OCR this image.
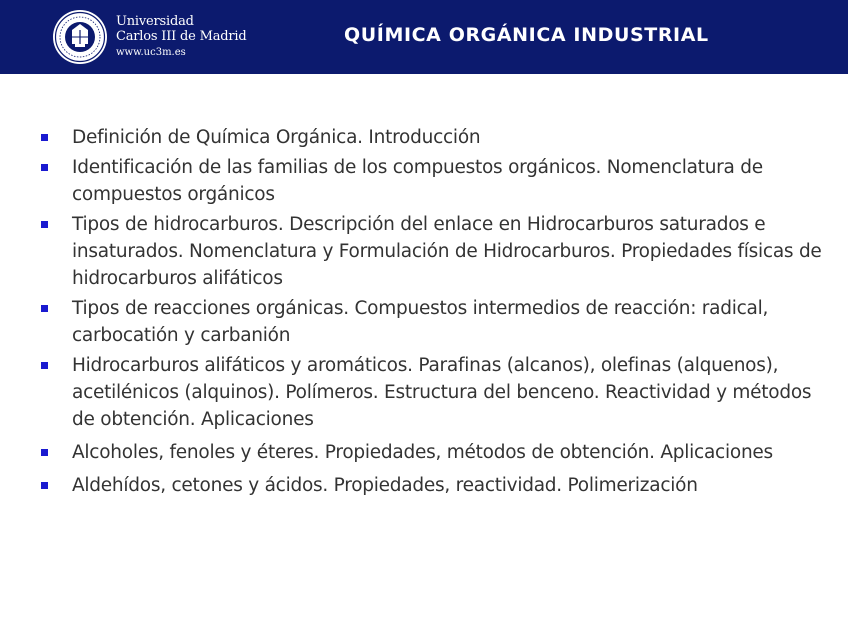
Universidad
Carlos III de Madrid
www.uc3m.es
QUÍMICA ORGÁNICA INDUSTRIAL
Definición de Química Orgánica. Introducción
Identificación de las familias de los compuestos orgánicos. Nomenclatura de compuestos orgánicos
Tipos de hidrocarburos. Descripción del enlace en Hidrocarburos saturados e insaturados. Nomenclatura y Formulación de Hidrocarburos. Propiedades físicas de hidrocarburos alifáticos
Tipos de reacciones orgánicas. Compuestos intermedios de reacción: radical, carbocatión y carbanión
Hidrocarburos alifáticos y aromáticos. Parafinas (alcanos), olefinas (alquenos), acetilénicos (alquinos). Polímeros. Estructura del benceno. Reactividad y métodos de obtención. Aplicaciones
Alcoholes, fenoles y éteres. Propiedades, métodos de obtención. Aplicaciones
Aldehídos, cetones y ácidos. Propiedades, reactividad. Polimerización
